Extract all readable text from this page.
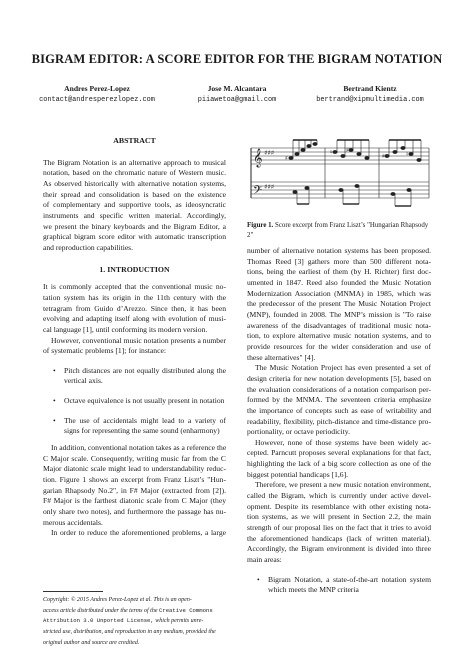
BIGRAM EDITOR: A SCORE EDITOR FOR THE BIGRAM NOTATION
Andres Perez-Lopez
contact@andresperezlopez.com
Jose M. Alcantara
piiawetoa@gmail.com
Bertrand Kientz
bertrand@xipmultimedia.com
ABSTRACT
The Bigram Notation is an alternative approach to musical
notation, based on the chromatic nature of Western music.
As observed historically with alternative notation systems,
their spread and consolidation is based on the existence
of complementary and supportive tools, as ideosyncratic
instruments and specific written material. Accordingly,
we present the binary keyboards and the Bigram Editor, a
graphical bigram score editor with automatic transcription
and reproduction capabilities.
1. INTRODUCTION
It is commonly accepted that the conventional music no-
tation system has its origin in the 11th century with the
tetragram from Guido d’Arezzo. Since then, it has been
evolving and adapting itself along with evolution of musi-
cal language [1], until conforming its modern version.
However, conventional music notation presents a number
of systematic problems [1]; for instance:
• Pitch distances are not equally distributed along the
vertical axis.
• Octave equivalence is not usually present in notation
• The use of accidentals might lead to a variety of
signs for representing the same sound (enharmony)
In addition, conventional notation takes as a reference the
C Major scale. Consequently, writing music far from the C
Major diatonic scale might lead to understandability reduc-
tion. Figure 1 shows an excerpt from Franz Liszt’s "Hun-
garian Rhapsody No.2", in F# Major (extracted from [2]).
F# Major is the farthest diatonic scale from C Major (they
only share two notes), and furthermore the passage has nu-
merous accidentals.
In order to reduce the aforementioned problems, a large
Copyright: © 2015 Andres Perez-Lopez et al. This is an open-
access article distributed under the terms of the Creative Commons
Attribution 3.0 Unported License, which permits unre-
stricted use, distribution, and reproduction in any medium, provided the
original author and source are credited.
𝄞
𝄢
♯♯♯
♯♯♯
♯
♮ ♯
♯	♮
Figure 1. Score excerpt from Franz Liszt’s "Hungarian Rhapsody 2"
number of alternative notation systems has been proposed.
Thomas Reed [3] gathers more than 500 different nota-
tions, being the earliest of them (by H. Richter) first doc-
umented in 1847. Reed also founded the Music Notation
Modernization Association (MNMA) in 1985, which was
the predecessor of the present The Music Notation Project
(MNP), founded in 2008. The MNP’s mission is "To raise
awareness of the disadvantages of traditional music nota-
tion, to explore alternative music notation systems, and to
provide resources for the wider consideration and use of
these alternatives" [4].
The Music Notation Project has even presented a set of
design criteria for new notation developments [5], based on
the evaluation considerations of a notation comparison per-
formed by the MNMA. The seventeen criteria emphasize
the importance of concepts such as ease of writability and
readability, flexibility, pitch-distance and time-distance pro-
portionality, or octave periodicity.
However, none of those systems have been widely ac-
cepted. Parncutt proposes several explanations for that fact,
highlighting the lack of a big score collection as one of the
biggest potential handicaps [1,6].
Therefore, we present a new music notation environment,
called the Bigram, which is currently under active devel-
opment. Despite its resemblance with other existing nota-
tion systems, as we will present in Section 2.2, the main
strength of our proposal lies on the fact that it tries to avoid
the aforementioned handicaps (lack of written material).
Accordingly, the Bigram environment is divided into three
main areas:
• Bigram Notation, a state-of-the-art notation system
which meets the MNP criteria
